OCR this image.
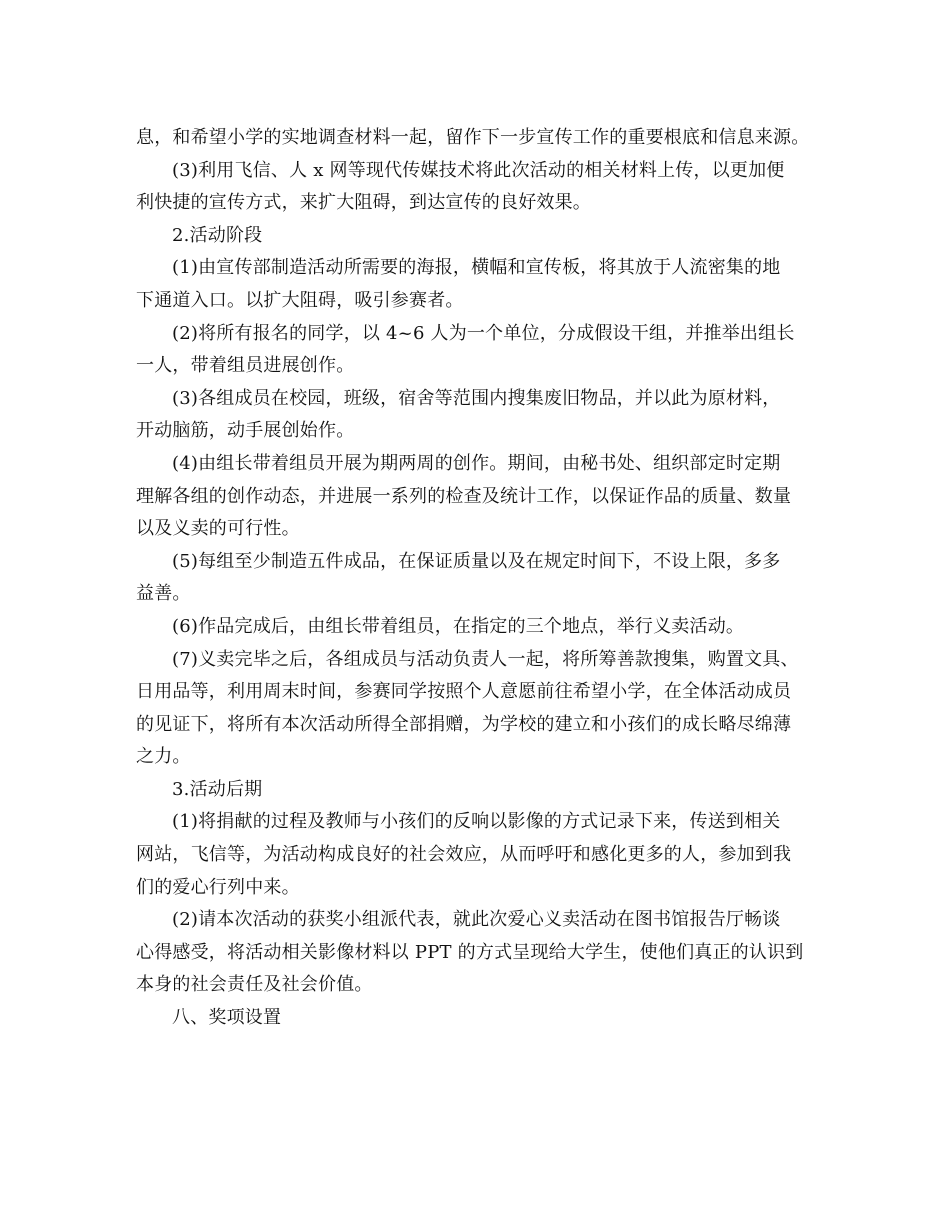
息，和希望小学的实地调查材料一起，留作下一步宣传工作的重要根底和信息来源。
(3)利用飞信、人 x 网等现代传媒技术将此次活动的相关材料上传，以更加便
利快捷的宣传方式，来扩大阻碍，到达宣传的良好效果。
2.活动阶段
(1)由宣传部制造活动所需要的海报，横幅和宣传板，将其放于人流密集的地
下通道入口。以扩大阻碍，吸引参赛者。
(2)将所有报名的同学，以 4~6 人为一个单位，分成假设干组，并推举出组长
一人，带着组员进展创作。
(3)各组成员在校园，班级，宿舍等范围内搜集废旧物品，并以此为原材料，
开动脑筋，动手展创始作。
(4)由组长带着组员开展为期两周的创作。期间，由秘书处、组织部定时定期
理解各组的创作动态，并进展一系列的检查及统计工作，以保证作品的质量、数量
以及义卖的可行性。
(5)每组至少制造五件成品，在保证质量以及在规定时间下，不设上限，多多
益善。
(6)作品完成后，由组长带着组员，在指定的三个地点，举行义卖活动。
(7)义卖完毕之后，各组成员与活动负责人一起，将所筹善款搜集，购置文具、
日用品等，利用周末时间，参赛同学按照个人意愿前往希望小学，在全体活动成员
的见证下，将所有本次活动所得全部捐赠，为学校的建立和小孩们的成长略尽绵薄
之力。
3.活动后期
(1)将捐献的过程及教师与小孩们的反响以影像的方式记录下来，传送到相关
网站，飞信等，为活动构成良好的社会效应，从而呼吁和感化更多的人，参加到我
们的爱心行列中来。
(2)请本次活动的获奖小组派代表，就此次爱心义卖活动在图书馆报告厅畅谈
心得感受，将活动相关影像材料以 PPT 的方式呈现给大学生，使他们真正的认识到
本身的社会责任及社会价值。
八、奖项设置
